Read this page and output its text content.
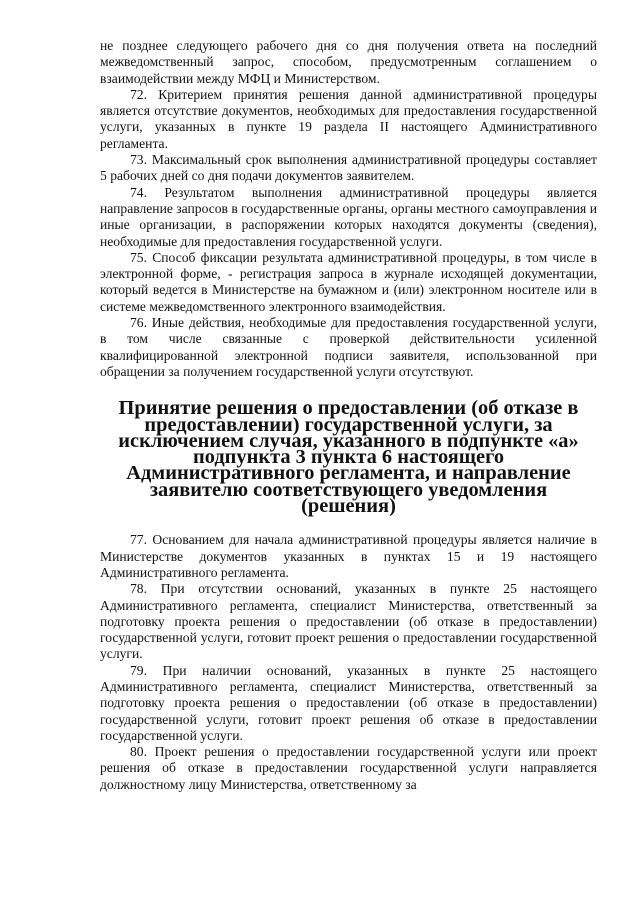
не позднее следующего рабочего дня со дня получения ответа на последний межведомственный запрос, способом, предусмотренным соглашением о взаимодействии между МФЦ и Министерством.

72. Критерием принятия решения данной административной процедуры является отсутствие документов, необходимых для предоставления государственной услуги, указанных в пункте 19 раздела II настоящего Административного регламента.

73. Максимальный срок выполнения административной процедуры составляет 5 рабочих дней со дня подачи документов заявителем.

74. Результатом выполнения административной процедуры является направление запросов в государственные органы, органы местного самоуправления и иные организации, в распоряжении которых находятся документы (сведения), необходимые для предоставления государственной услуги.

75. Способ фиксации результата административной процедуры, в том числе в электронной форме, - регистрация запроса в журнале исходящей документации, который ведется в Министерстве на бумажном и (или) электронном носителе или в системе межведомственного электронного взаимодействия.

76. Иные действия, необходимые для предоставления государственной услуги, в том числе связанные с проверкой действительности усиленной квалифицированной электронной подписи заявителя, использованной при обращении за получением государственной услуги отсутствуют.

Принятие решения о предоставлении (об отказе в предоставлении) государственной услуги, за исключением случая, указанного в подпункте «а» подпункта 3 пункта 6 настоящего Административного регламента, и направление заявителю соответствующего уведомления (решения)

77. Основанием для начала административной процедуры является наличие в Министерстве документов указанных в пунктах 15 и 19 настоящего Административного регламента.

78. При отсутствии оснований, указанных в пункте 25 настоящего Административного регламента, специалист Министерства, ответственный за подготовку проекта решения о предоставлении (об отказе в предоставлении) государственной услуги, готовит проект решения о предоставлении государственной услуги.

79. При наличии оснований, указанных в пункте 25 настоящего Административного регламента, специалист Министерства, ответственный за подготовку проекта решения о предоставлении (об отказе в предоставлении) государственной услуги, готовит проект решения об отказе в предоставлении государственной услуги.

80. Проект решения о предоставлении государственной услуги или проект решения об отказе в предоставлении государственной услуги направляется должностному лицу Министерства, ответственному за
